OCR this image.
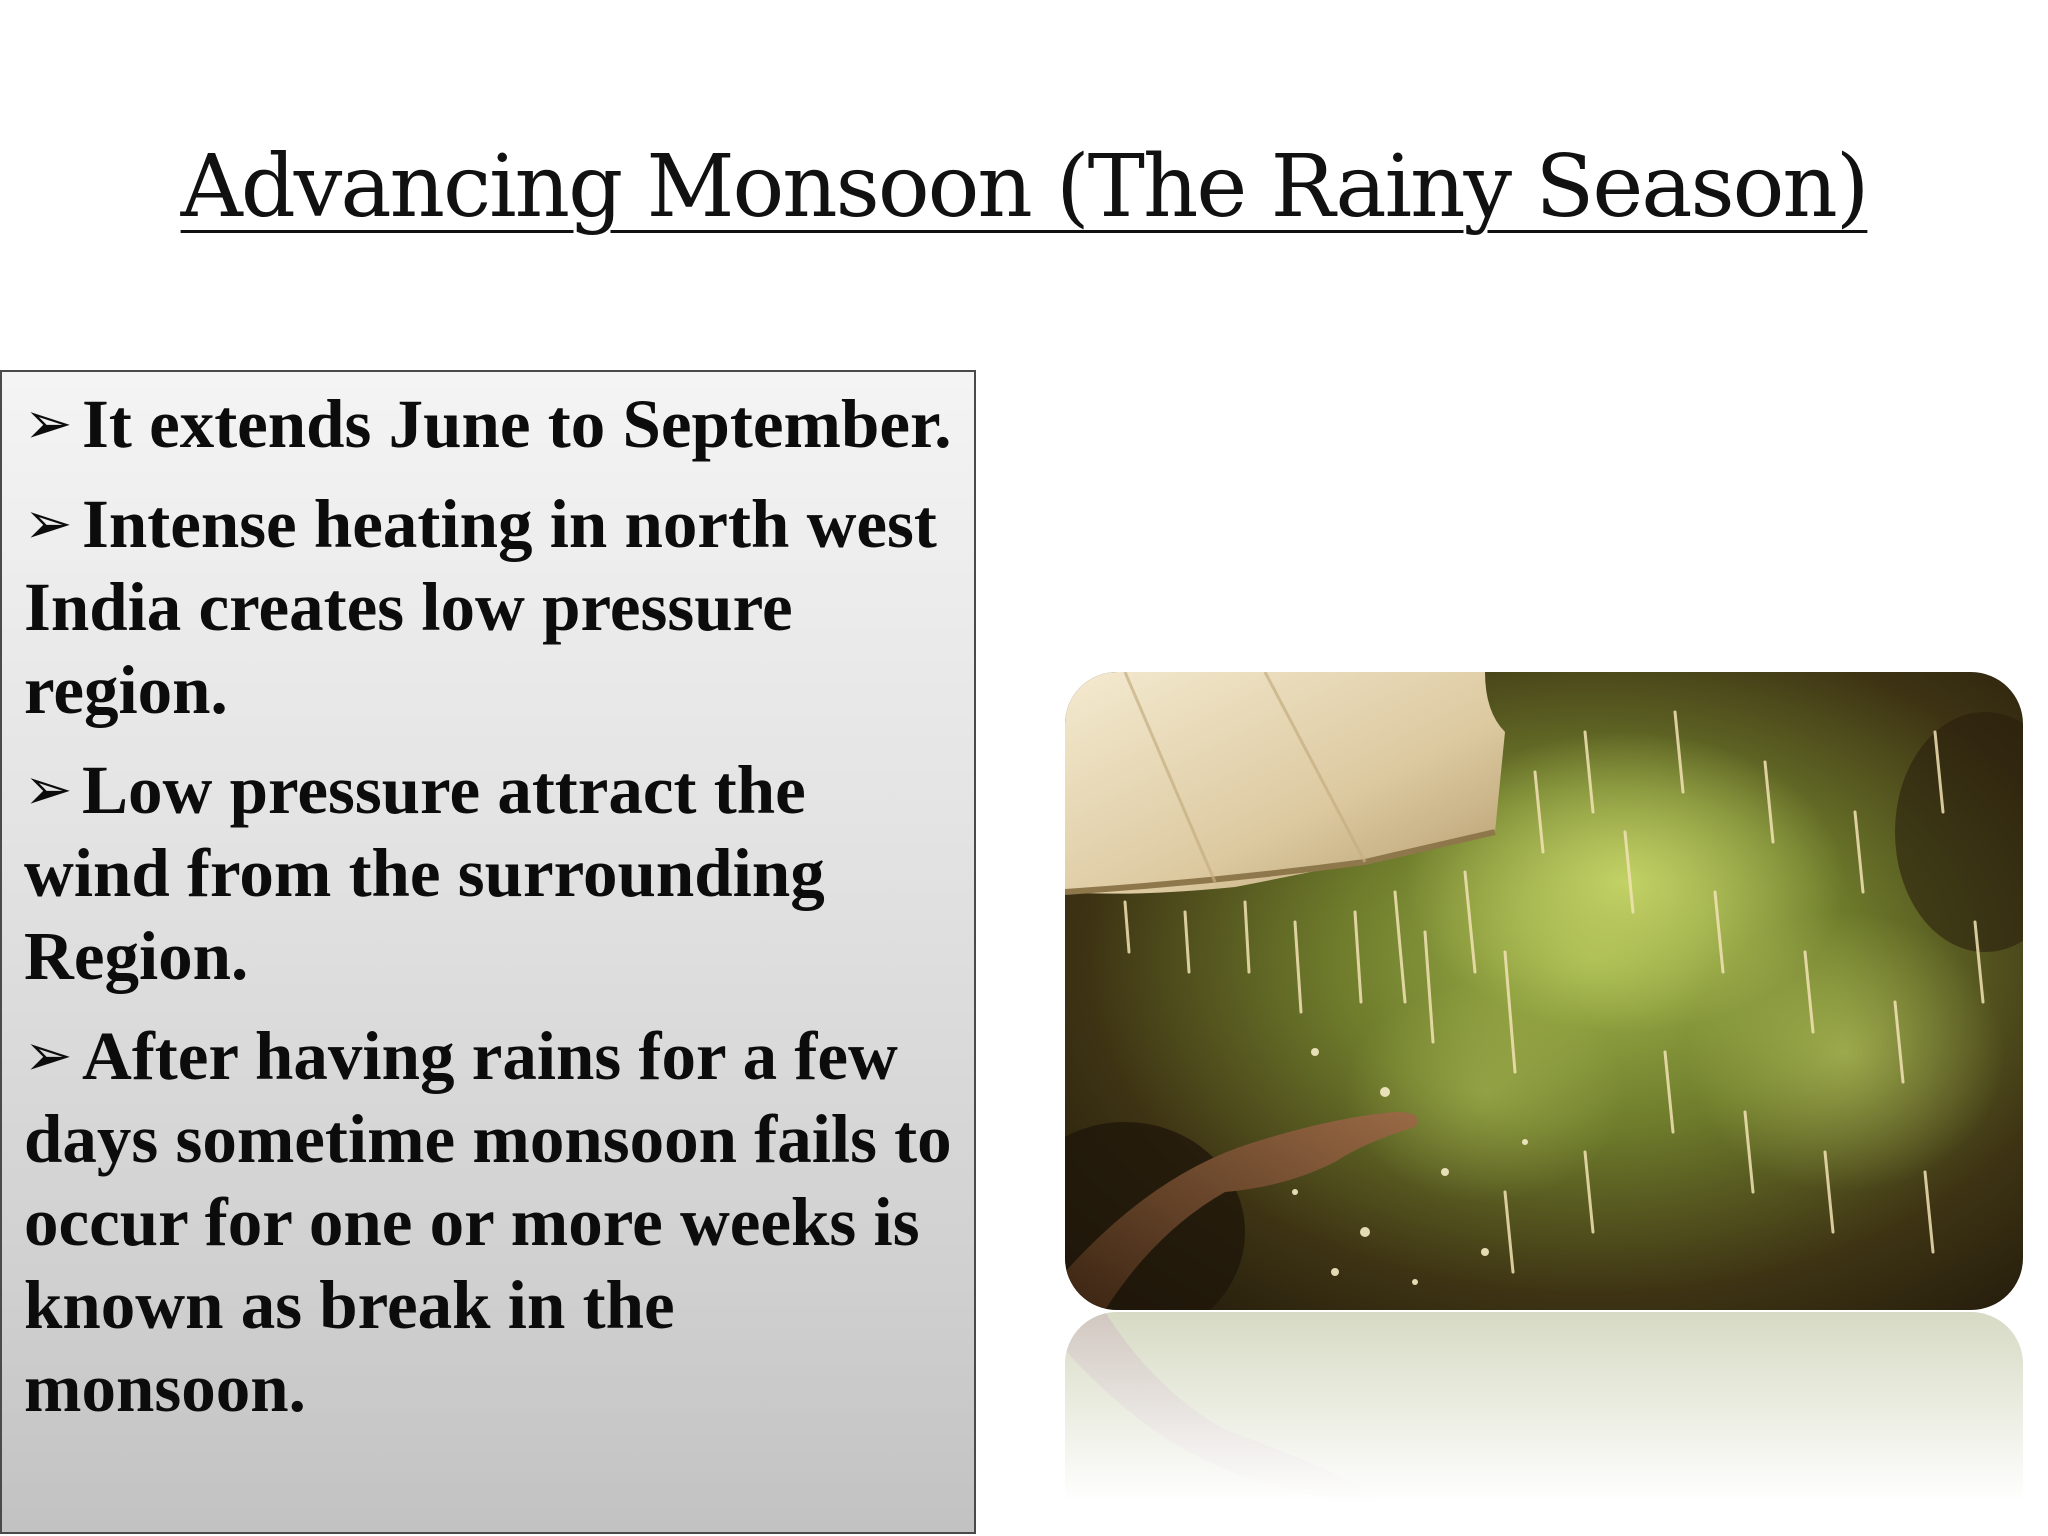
Advancing Monsoon (The Rainy Season)
➢ It extends June to September.
➢ Intense heating in north west India creates low pressure region.
➢ Low pressure attract the wind from the surrounding Region.
➢ After having rains for a few days sometime monsoon fails to occur for one or more weeks is known as break in the monsoon.
